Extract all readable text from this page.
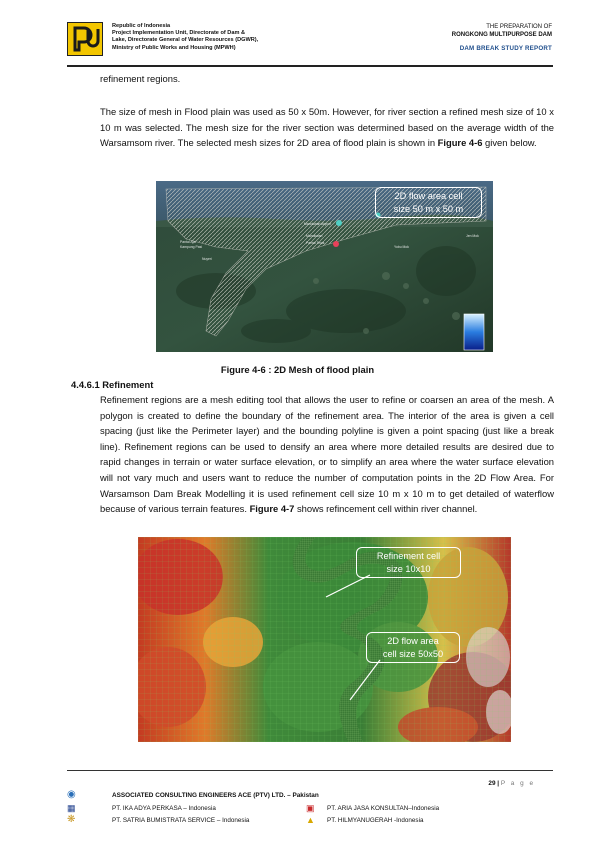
Republic of Indonesia
Project Implementation Unit, Directorate of Dam &
Lake, Directorate General of Water Resources (DGWR),
Ministry of Public Works and Housing (MPWH)
THE PREPARATION OF
RONGKONG MULTIPURPOSE DAM
DAM BREAK STUDY REPORT
refinement regions.
The size of mesh in Flood plain was used as 50 x 50m. However, for river section a refined mesh size of 10 x 10 m was selected. The mesh size for the river section was determined based on the average width of the Warsamsom river. The selected mesh sizes for 2D area of flood plain is shown in Figure 4-6 given below.
Manokwari Airport
Manokwari
Pantai Teluk
Pantai Ajal
Kampung Pasi
Nuyeri
Yobu Mok
Jen Mok
2D flow area cell
size 50 m x 50 m
Figure 4-6 : 2D Mesh of flood plain
4.4.6.1 Refinement
Refinement regions are a mesh editing tool that allows the user to refine or coarsen an area of the mesh. A polygon is created to define the boundary of the refinement area. The interior of the area is given a cell spacing (just like the Perimeter layer) and the bounding polyline is given a point spacing (just like a break line). Refinement regions can be used to densify an area where more detailed results are desired due to rapid changes in terrain or water surface elevation, or to simplify an area where the water surface elevation will not vary much and users want to reduce the number of computation points in the 2D Flow Area. For Warsamson Dam Break Modelling it is used refinement cell size 10 m x 10 m to get detailed of waterflow because of various terrain features. Figure 4-7 shows refincement cell within river channel.
Refinement cell
size 10x10
2D flow area
cell size 50x50
29 | P a g e
◉
▦
❋
▣
▲
ASSOCIATED CONSULTING ENGINEERS ACE (PTV) LTD. – Pakistan
PT. IKA ADYA PERKASA – Indonesia
PT. SATRIA BUMISTRATA SERVICE – Indonesia
PT. ARIA JASA KONSULTAN–Indonesia
PT. HILMYANUGERAH -Indonesia
